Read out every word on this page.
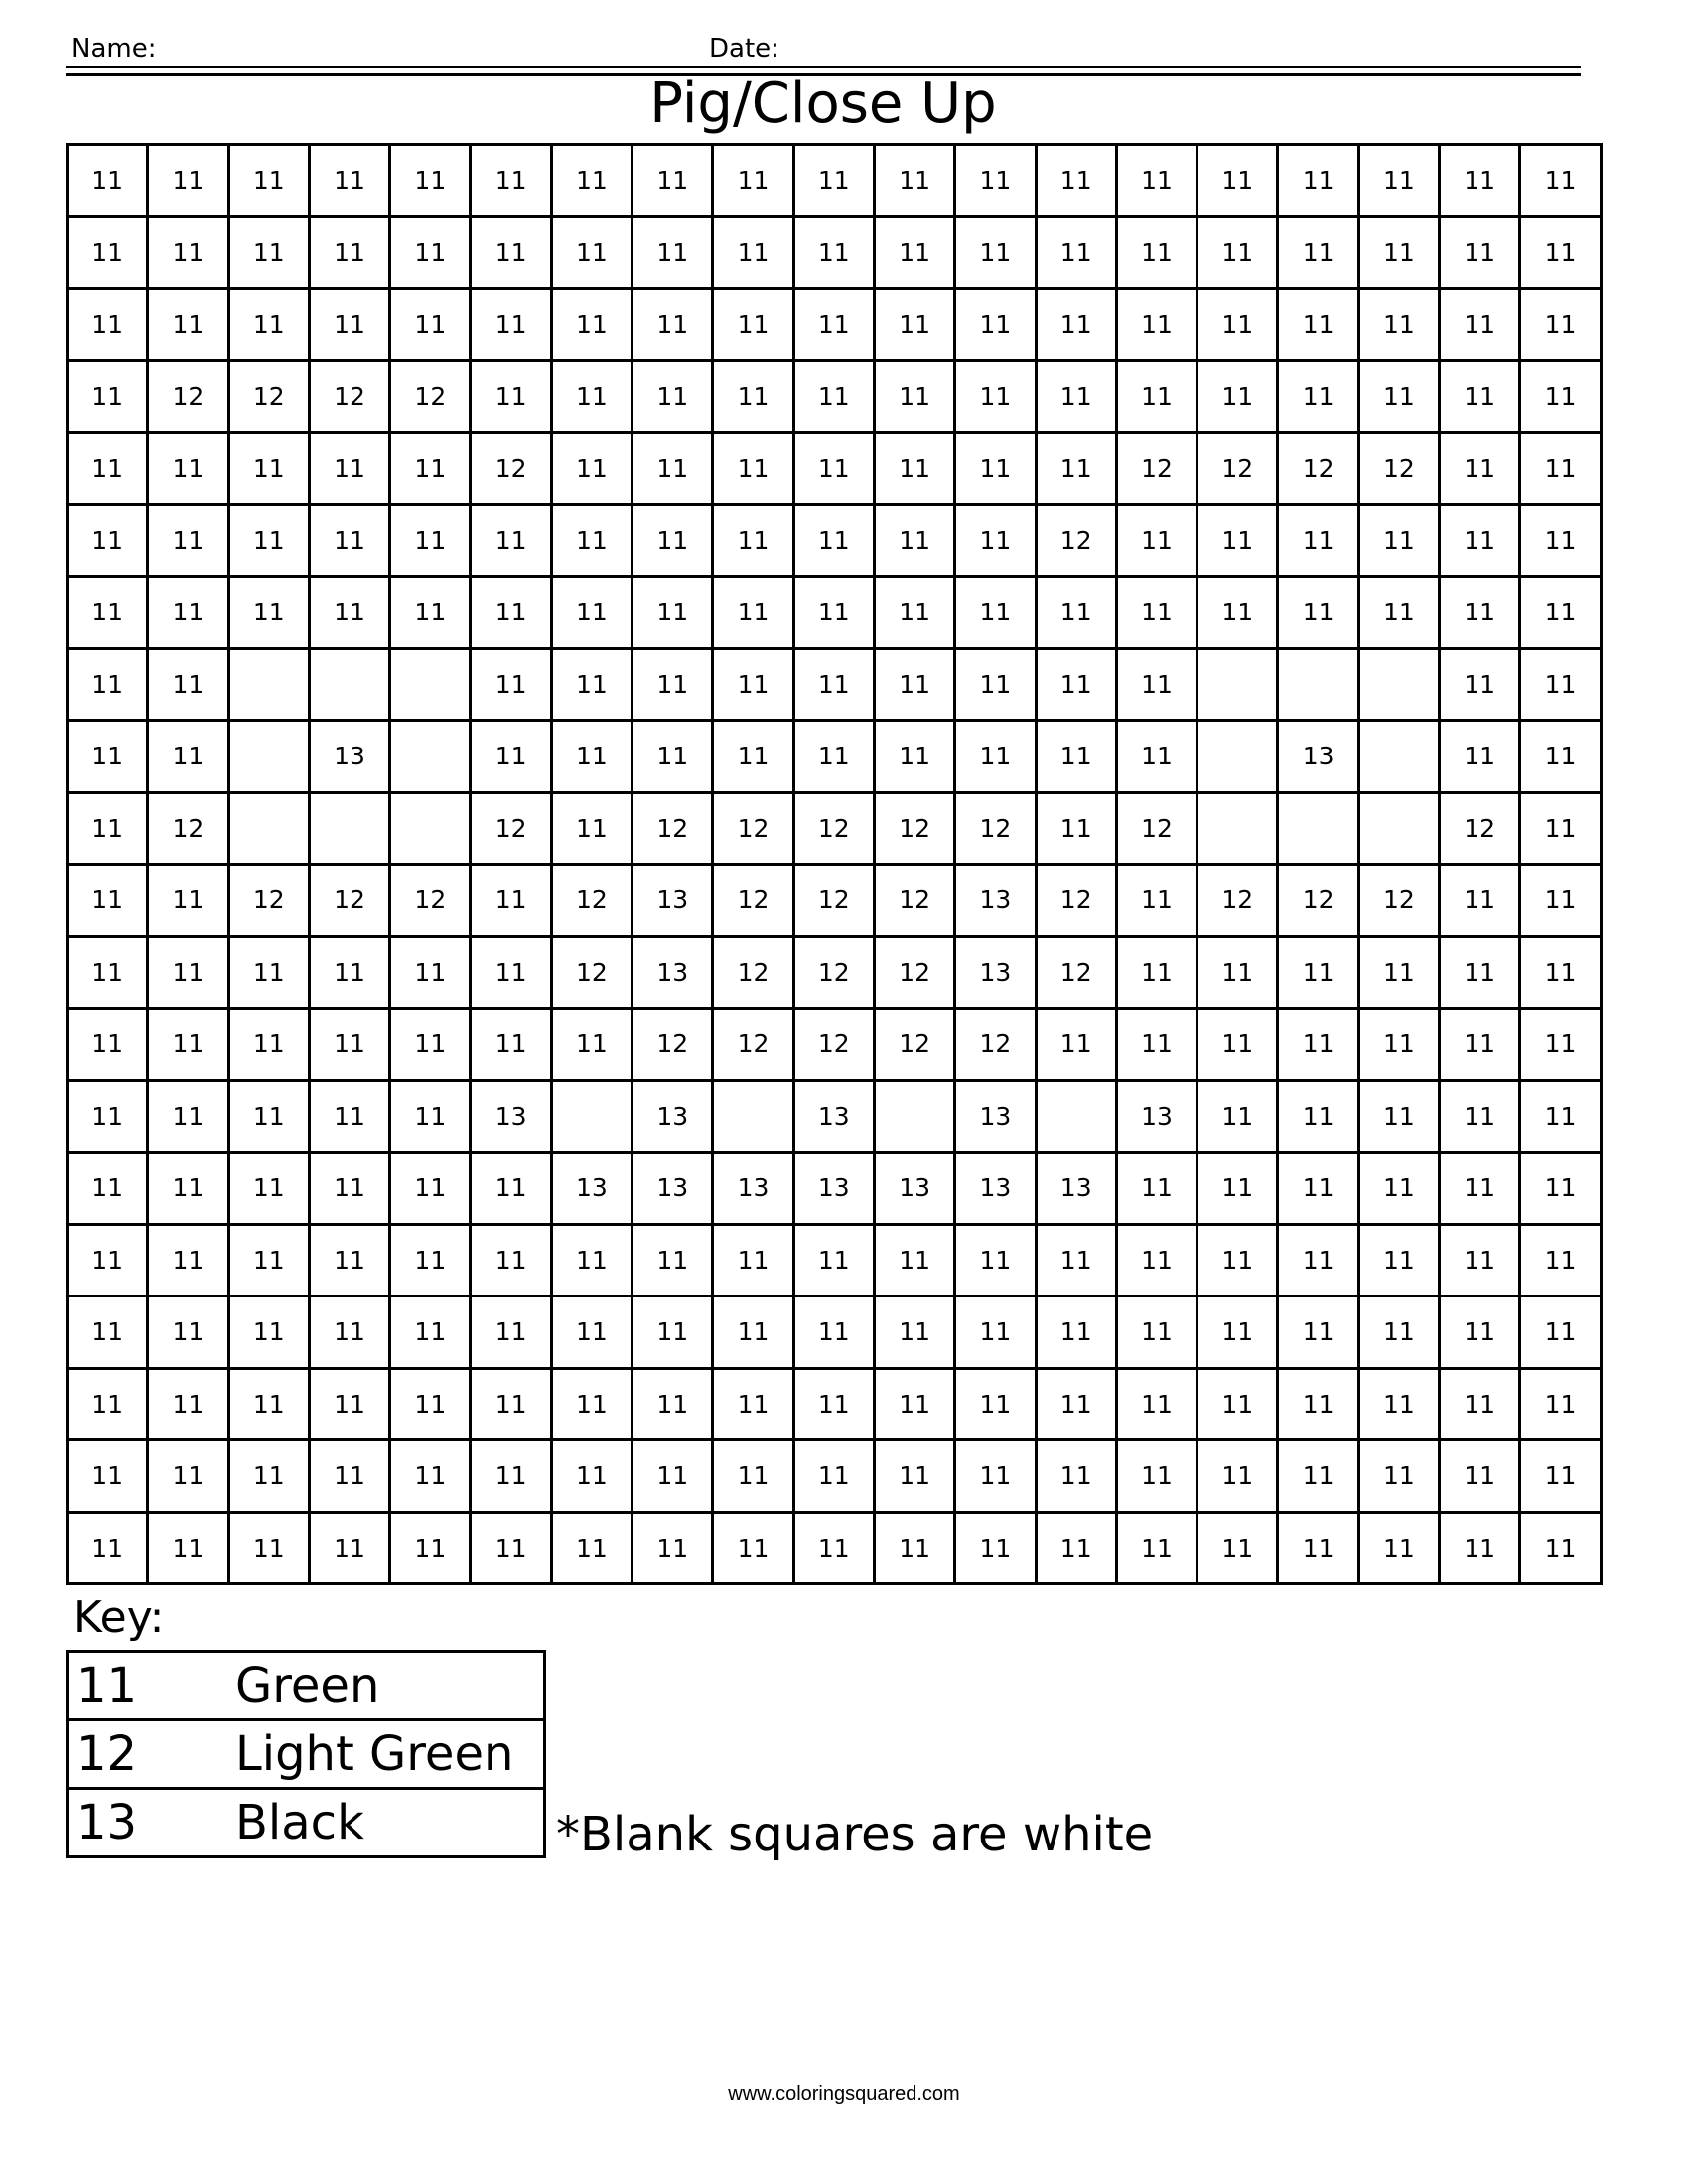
Name:	Date:
Pig/Close Up
11	11	11	11	11	11	11	11	11	11	11	11	11	11	11	11	11	11	11
11	11	11	11	11	11	11	11	11	11	11	11	11	11	11	11	11	11	11
11	11	11	11	11	11	11	11	11	11	11	11	11	11	11	11	11	11	11
11	12	12	12	12	11	11	11	11	11	11	11	11	11	11	11	11	11	11
11	11	11	11	11	12	11	11	11	11	11	11	11	12	12	12	12	11	11
11	11	11	11	11	11	11	11	11	11	11	11	12	11	11	11	11	11	11
11	11	11	11	11	11	11	11	11	11	11	11	11	11	11	11	11	11	11
11	11				11	11	11	11	11	11	11	11	11				11	11
11	11		13		11	11	11	11	11	11	11	11	11		13		11	11
11	12				12	11	12	12	12	12	12	11	12				12	11
11	11	12	12	12	11	12	13	12	12	12	13	12	11	12	12	12	11	11
11	11	11	11	11	11	12	13	12	12	12	13	12	11	11	11	11	11	11
11	11	11	11	11	11	11	12	12	12	12	12	11	11	11	11	11	11	11
11	11	11	11	11	13		13		13		13		13	11	11	11	11	11
11	11	11	11	11	11	13	13	13	13	13	13	13	11	11	11	11	11	11
11	11	11	11	11	11	11	11	11	11	11	11	11	11	11	11	11	11	11
11	11	11	11	11	11	11	11	11	11	11	11	11	11	11	11	11	11	11
11	11	11	11	11	11	11	11	11	11	11	11	11	11	11	11	11	11	11
11	11	11	11	11	11	11	11	11	11	11	11	11	11	11	11	11	11	11
11	11	11	11	11	11	11	11	11	11	11	11	11	11	11	11	11	11	11
Key:
11	Green
12	Light Green
13	Black	*Blank squares are white
www.coloringsquared.com
